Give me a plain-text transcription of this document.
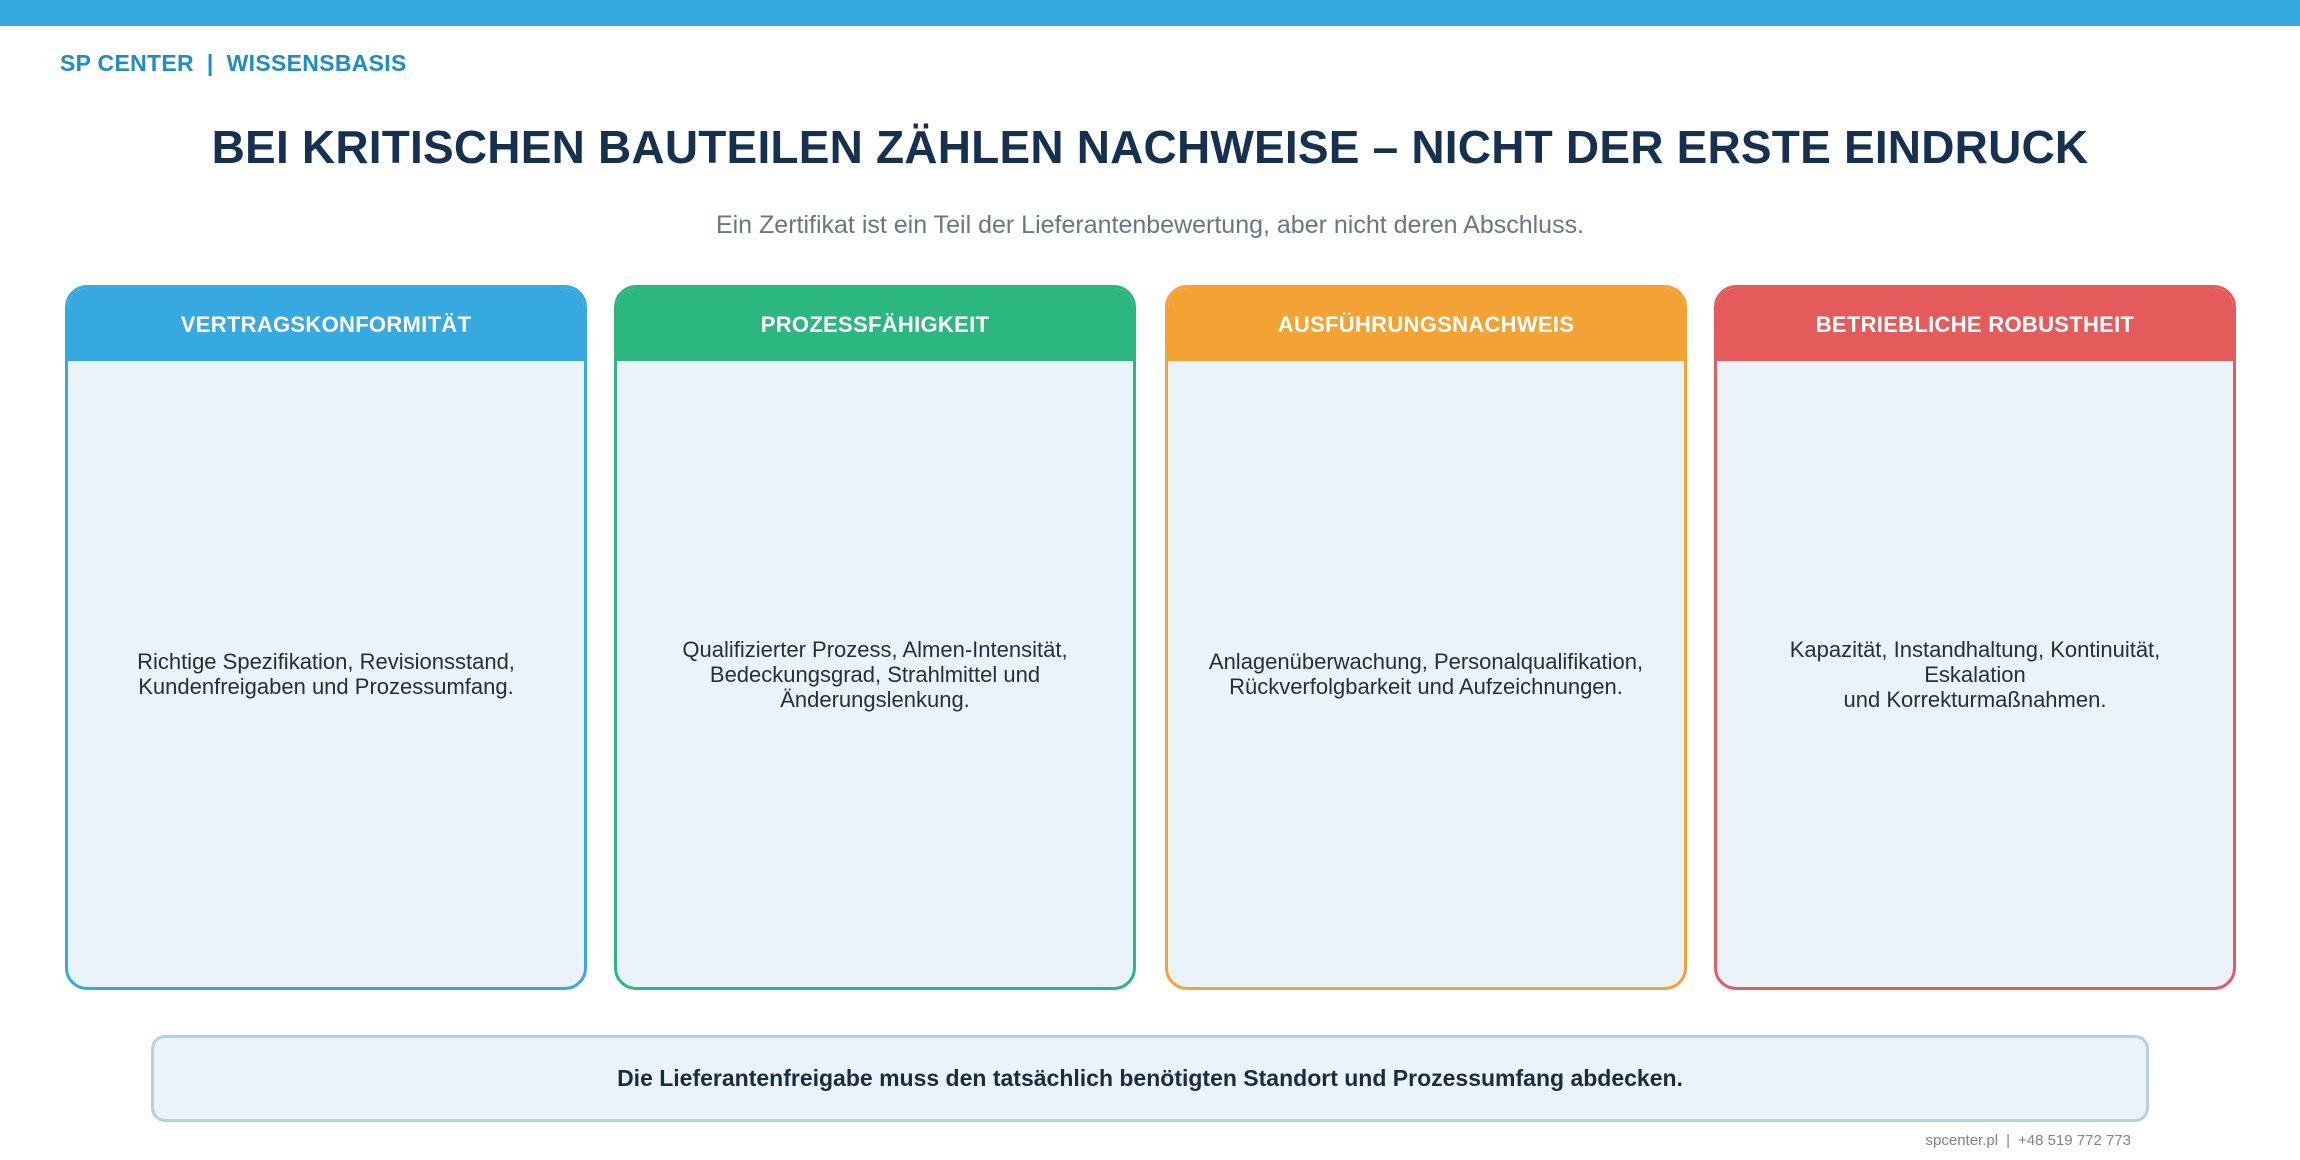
SP CENTER | WISSENSBASIS
BEI KRITISCHEN BAUTEILEN ZÄHLEN NACHWEISE – NICHT DER ERSTE EINDRUCK
Ein Zertifikat ist ein Teil der Lieferantenbewertung, aber nicht deren Abschluss.
VERTRAGSKONFORMITÄT
Richtige Spezifikation, Revisionsstand,
Kundenfreigaben und Prozessumfang.
PROZESSFÄHIGKEIT
Qualifizierter Prozess, Almen-Intensität,
Bedeckungsgrad, Strahlmittel und
Änderungslenkung.
AUSFÜHRUNGSNACHWEIS
Anlagenüberwachung, Personalqualifikation,
Rückverfolgbarkeit und Aufzeichnungen.
BETRIEBLICHE ROBUSTHEIT
Kapazität, Instandhaltung, Kontinuität, Eskalation
und Korrekturmaßnahmen.
Die Lieferantenfreigabe muss den tatsächlich benötigten Standort und Prozessumfang abdecken.
spcenter.pl | +48 519 772 773
